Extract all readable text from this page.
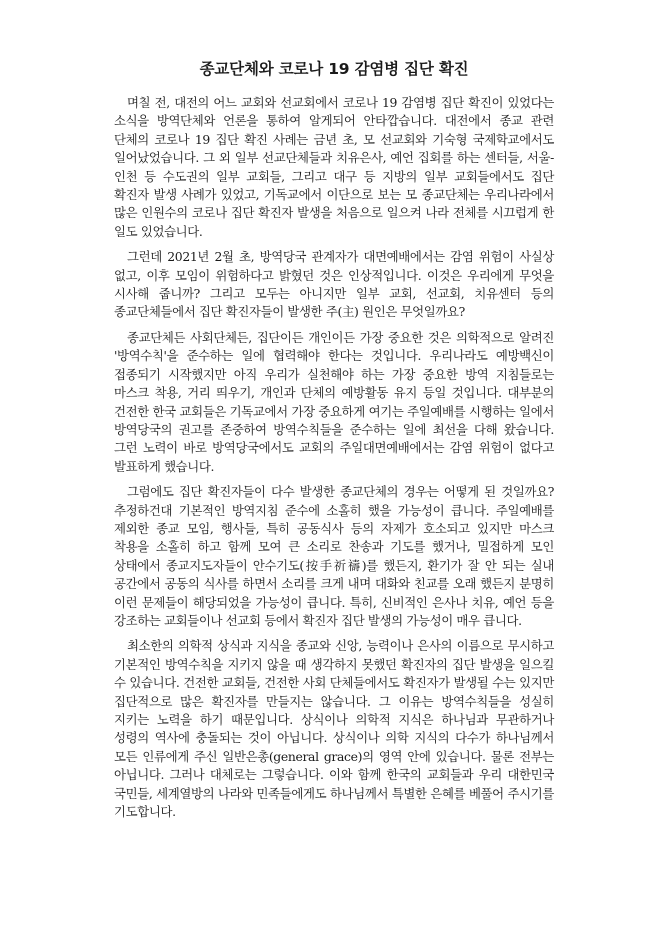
종교단체와 코로나 19 감염병 집단 확진

며칠 전, 대전의 어느 교회와 선교회에서 코로나 19 감염병 집단 확진이 있었다는 소식을 방역단체와 언론을 통하여 알게되어 안타깝습니다. 대전에서 종교 관련 단체의 코로나 19 집단 확진 사례는 금년 초, 모 선교회와 기숙형 국제학교에서도 일어났었습니다. 그 외 일부 선교단체들과 치유은사, 예언 집회를 하는 센터들, 서울-인천 등 수도권의 일부 교회들, 그리고 대구 등 지방의 일부 교회들에서도 집단 확진자 발생 사례가 있었고, 기독교에서 이단으로 보는 모 종교단체는 우리나라에서 많은 인원수의 코로나 집단 확진자 발생을 처음으로 일으켜 나라 전체를 시끄럽게 한 일도 있었습니다.

그런데 2021년 2월 초, 방역당국 관계자가 대면예배에서는 감염 위험이 사실상 없고, 이후 모임이 위험하다고 밝혔던 것은 인상적입니다. 이것은 우리에게 무엇을 시사해 줍니까? 그리고 모두는 아니지만 일부 교회, 선교회, 치유센터 등의 종교단체들에서 집단 확진자들이 발생한 주(主) 원인은 무엇일까요?

종교단체든 사회단체든, 집단이든 개인이든 가장 중요한 것은 의학적으로 알려진 '방역수칙'을 준수하는 일에 협력해야 한다는 것입니다. 우리나라도 예방백신이 접종되기 시작했지만 아직 우리가 실천해야 하는 가장 중요한 방역 지침들로는 마스크 착용, 거리 띄우기, 개인과 단체의 예방활동 유지 등일 것입니다. 대부분의 건전한 한국 교회들은 기독교에서 가장 중요하게 여기는 주일예배를 시행하는 일에서 방역당국의 권고를 존중하여 방역수칙들을 준수하는 일에 최선을 다해 왔습니다. 그런 노력이 바로 방역당국에서도 교회의 주일대면예배에서는 감염 위험이 없다고 발표하게 했습니다.

그럼에도 집단 확진자들이 다수 발생한 종교단체의 경우는 어떻게 된 것일까요? 추정하건대 기본적인 방역지침 준수에 소홀히 했을 가능성이 큽니다. 주일예배를 제외한 종교 모임, 행사들, 특히 공동식사 등의 자제가 호소되고 있지만 마스크 착용을 소홀히 하고 함께 모여 큰 소리로 찬송과 기도를 했거나, 밀접하게 모인 상태에서 종교지도자들이 안수기도(按手祈禱)를 했든지, 환기가 잘 안 되는 실내 공간에서 공동의 식사를 하면서 소리를 크게 내며 대화와 친교를 오래 했든지 분명히 이런 문제들이 해당되었을 가능성이 큽니다. 특히, 신비적인 은사나 치유, 예언 등을 강조하는 교회들이나 선교회 등에서 확진자 집단 발생의 가능성이 매우 큽니다.

최소한의 의학적 상식과 지식을 종교와 신앙, 능력이나 은사의 이름으로 무시하고 기본적인 방역수칙을 지키지 않을 때 생각하지 못했던 확진자의 집단 발생을 일으킬 수 있습니다. 건전한 교회들, 건전한 사회 단체들에서도 확진자가 발생될 수는 있지만 집단적으로 많은 확진자를 만들지는 않습니다. 그 이유는 방역수칙들을 성실히 지키는 노력을 하기 때문입니다. 상식이나 의학적 지식은 하나님과 무관하거나 성령의 역사에 충돌되는 것이 아닙니다. 상식이나 의학 지식의 다수가 하나님께서 모든 인류에게 주신 일반은총(general grace)의 영역 안에 있습니다. 물론 전부는 아닙니다. 그러나 대체로는 그렇습니다. 이와 함께 한국의 교회들과 우리 대한민국 국민들, 세계열방의 나라와 민족들에게도 하나님께서 특별한 은혜를 베풀어 주시기를 기도합니다.
